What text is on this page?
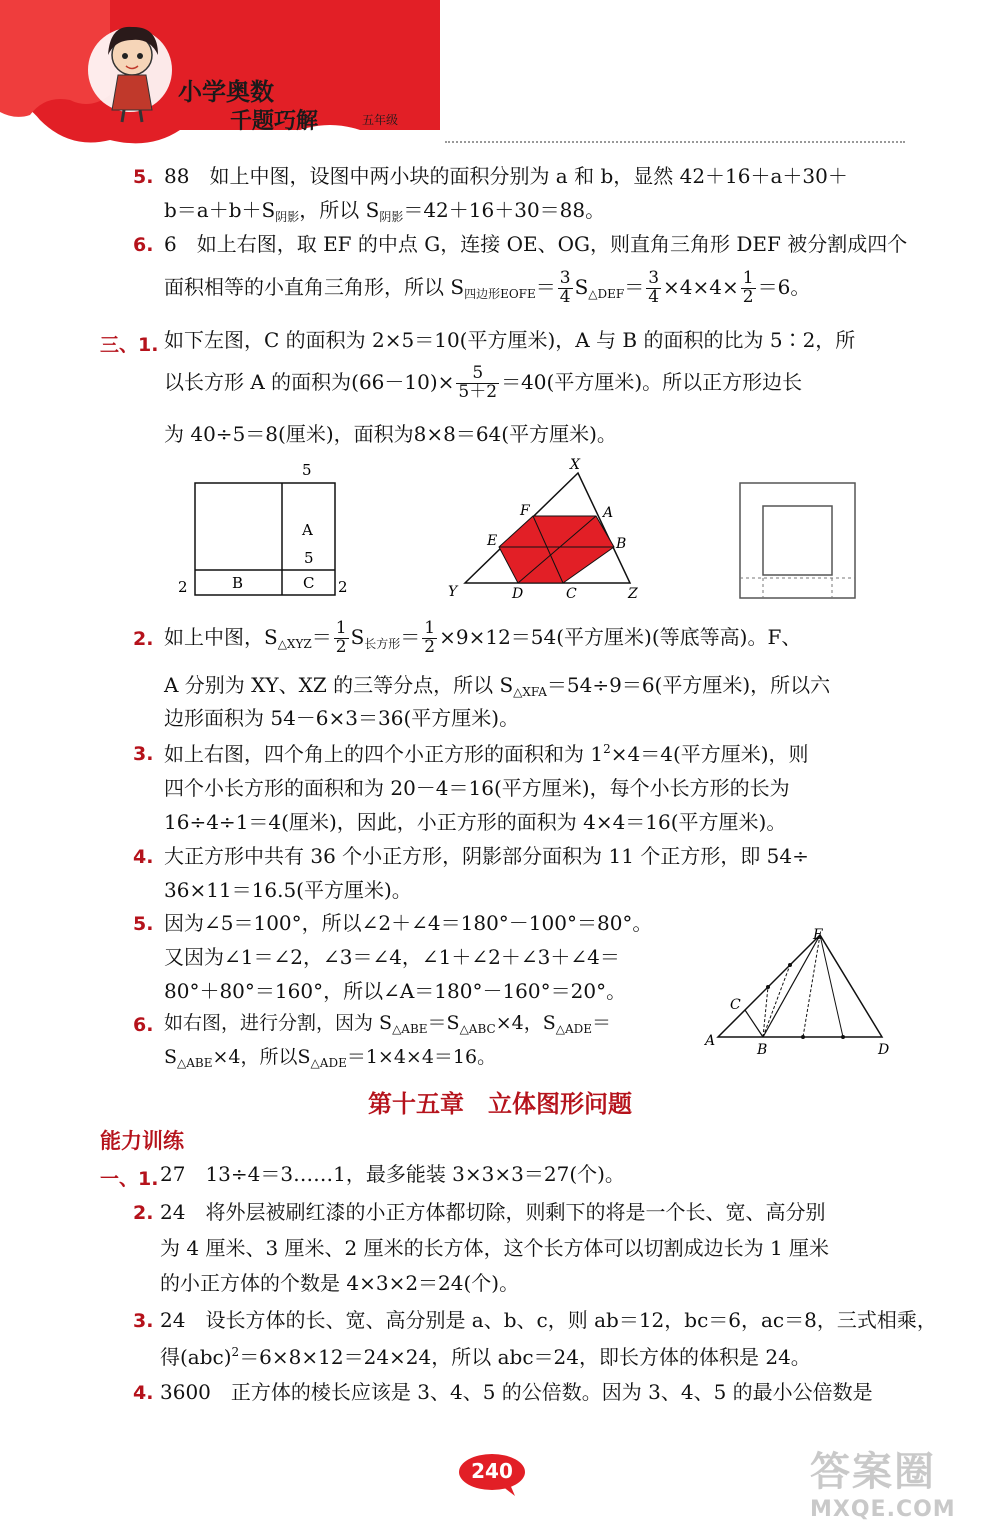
小学奥数
千题巧解	五年级
5. 88　如上中图，设图中两小块的面积分别为 a 和 b，显然 42＋16＋a＋30＋
$b=a+b+S_{阴影}$，所以 $S_{阴影}=42+16+30=88$。
6. 6　如上右图，取 EF 的中点 G，连接 OE、OG，则直角三角形 DEF 被分割成四个
面积相等的小直角三角形，所以 $S_{四边形EOFE}= \frac{3}{4} S_{\triangle DEF}= \frac{3}{4} \times 4\times 4\times \frac{1}{2} =6$。
三、1. 如下左图，C 的面积为 2×5＝10(平方厘米)，A 与 B 的面积的比为 5∶2，所
以长方形 A 的面积为$(66-10)\times \frac{5}{5+2} =40$(平方厘米)。所以正方形边长
为 40÷5＝8(厘米)，面积为8×8＝64(平方厘米)。
5
A
5
B	C
2	2
X
Y	Z
F	A
E	B
D	C
2. 如上中图，$S_{\triangle XYZ}= \frac{1}{2} S_{长方形}= \frac{1}{2} \times 9\times 12=54$(平方厘米)(等底等高)。F、
A 分别为 XY、XZ 的三等分点，所以 $S_{\triangle XFA}=54\div 9=6$(平方厘米)，所以六
边形面积为 54－6×3＝36(平方厘米)。
3. 如上右图，四个角上的四个小正方形的面积和为 $1^2\times 4=4$(平方厘米)，则
四个小长方形的面积和为 20－4＝16(平方厘米)，每个小长方形的长为
16÷4÷1＝4(厘米)，因此，小正方形的面积为 4×4＝16(平方厘米)。
4. 大正方形中共有 36 个小正方形，阴影部分面积为 11 个正方形，即 54÷
36×11＝16.5(平方厘米)。
5. 因为∠5＝100°，所以∠2＋∠4＝180°－100°＝80°。
又因为∠1＝∠2，∠3＝∠4，∠1＋∠2＋∠3＋∠4＝
80°＋80°＝160°，所以∠A＝180°－160°＝20°。
6. 如右图，进行分割，因为 $S_{\triangle ABE}=S_{\triangle ABC}\times 4$，$S_{\triangle ADE}=$
$S_{\triangle ABE}\times 4$，所以$S_{\triangle ADE}=1\times 4\times 4=16$。
E
C
A
B	D
第十五章　立体图形问题
能力训练
一、1. 27　13÷4＝3……1，最多能装 3×3×3＝27(个)。
2. 24　将外层被刷红漆的小正方体都切除，则剩下的将是一个长、宽、高分别
为 4 厘米、3 厘米、2 厘米的长方体，这个长方体可以切割成边长为 1 厘米
的小正方体的个数是 4×3×2＝24(个)。
3. 24　设长方体的长、宽、高分别是 a、b、c，则 ab＝12，bc＝6，ac＝8，三式相乘，
得(abc)$^2$＝6×8×12＝24×24，所以 abc＝24，即长方体的体积是 24。
4. 3600　正方体的棱长应该是 3、4、5 的公倍数。因为 3、4、5 的最小公倍数是
240	答案圈
MXQE.COM
